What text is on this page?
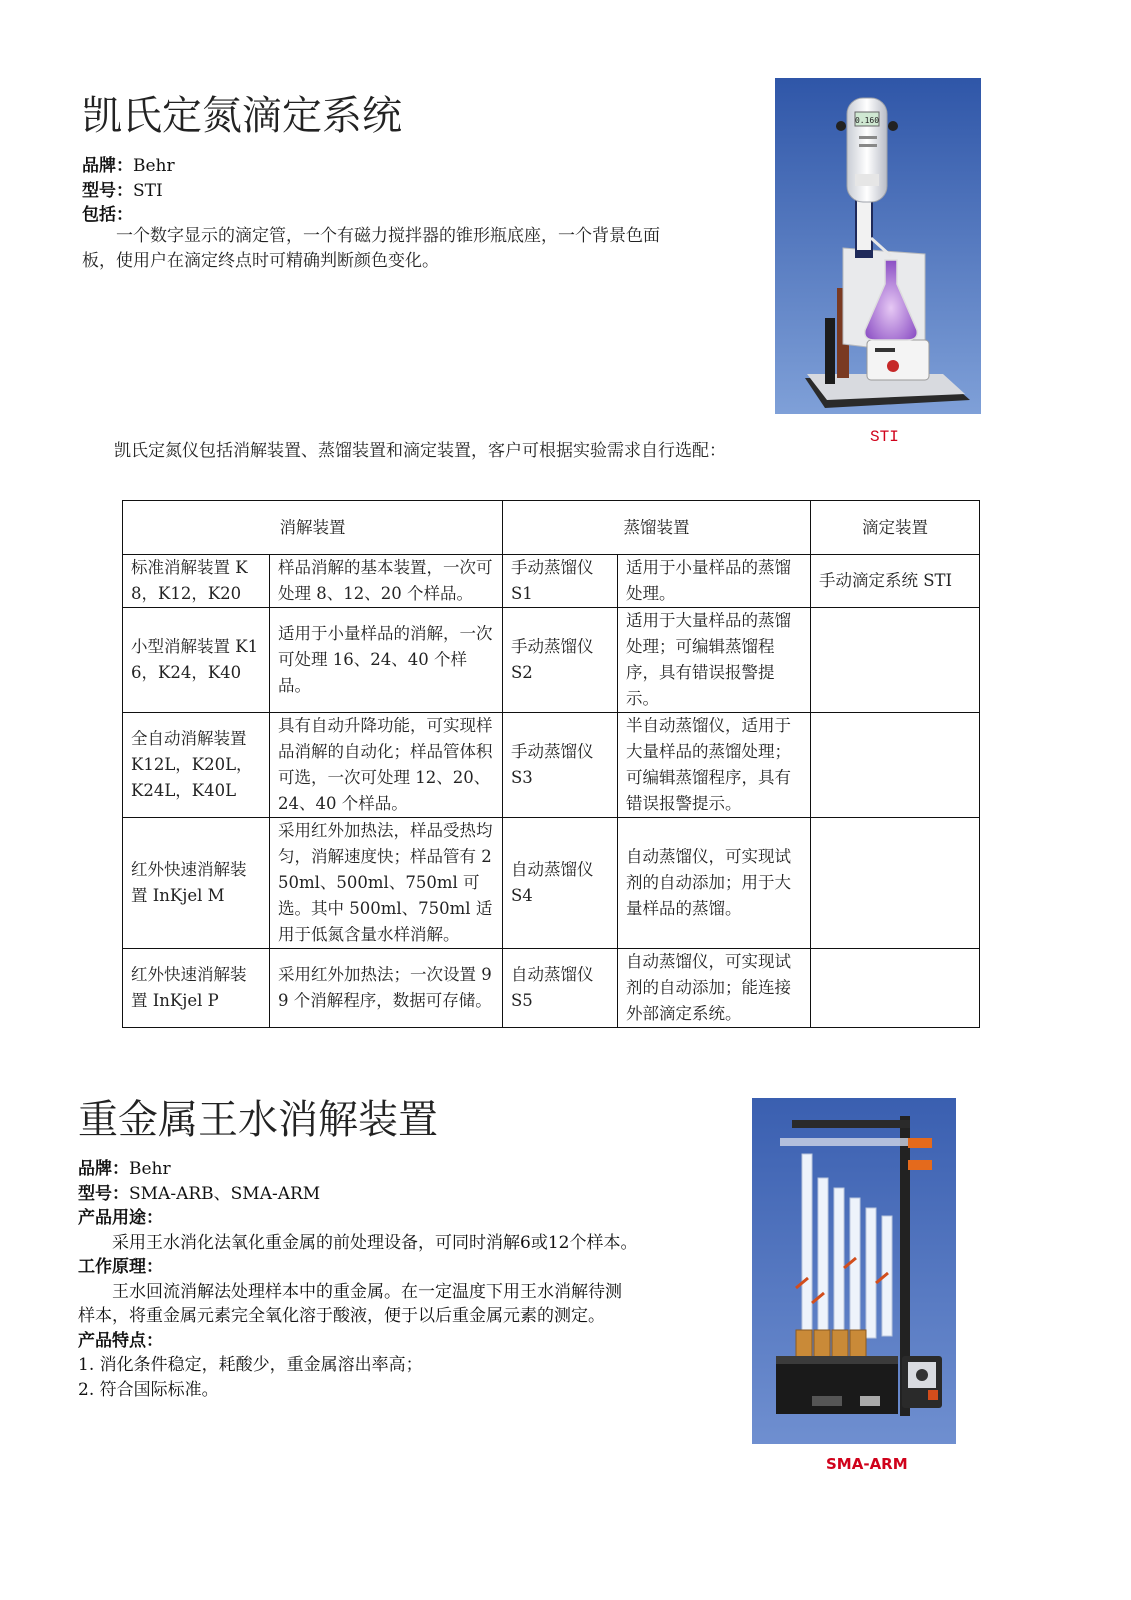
凯氏定氮滴定系统
品牌：Behr
型号：STI
包括：

一个数字显示的滴定管，一个有磁力搅拌器的锥形瓶底座，一个背景色面板，使用户在滴定终点时可精确判断颜色变化。

0.160
STI

凯氏定氮仪包括消解装置、蒸馏装置和滴定装置，客户可根据实验需求自行选配：

消解装置		蒸馏装置		滴定装置
标准消解装置 K8，K12，K20	样品消解的基本装置，一次可处理 8、12、20 个样品。	手动蒸馏仪 S1	适用于小量样品的蒸馏处理。	手动滴定系统 STI
小型消解装置 K16，K24，K40	适用于小量样品的消解，一次可处理 16、24、40 个样品。	手动蒸馏仪 S2	适用于大量样品的蒸馏处理；可编辑蒸馏程序，具有错误报警提示。	
全自动消解装置 K12L，K20L，K24L，K40L	具有自动升降功能，可实现样品消解的自动化；样品管体积可选，一次可处理 12、20、24、40 个样品。	手动蒸馏仪 S3	半自动蒸馏仪，适用于大量样品的蒸馏处理；可编辑蒸馏程序，具有错误报警提示。	
红外快速消解装置 InKjel M	采用红外加热法，样品受热均匀，消解速度快；样品管有 250ml、500ml、750ml 可选。其中 500ml、750ml 适用于低氮含量水样消解。	自动蒸馏仪 S4	自动蒸馏仪，可实现试剂的自动添加；用于大量样品的蒸馏。	
红外快速消解装置 InKjel P	采用红外加热法；一次设置 99 个消解程序，数据可存储。	自动蒸馏仪 S5	自动蒸馏仪，可实现试剂的自动添加；能连接外部滴定系统。	
重金属王水消解装置
品牌：Behr
型号：SMA-ARB、SMA-ARM
产品用途：
采用王水消化法氧化重金属的前处理设备，可同时消解6或12个样本。
工作原理：
王水回流消解法处理样本中的重金属。在一定温度下用王水消解待测样本，将重金属元素完全氧化溶于酸液，便于以后重金属元素的测定。
产品特点：
1. 消化条件稳定，耗酸少，重金属溶出率高；
2. 符合国际标准。
SMA-ARM
